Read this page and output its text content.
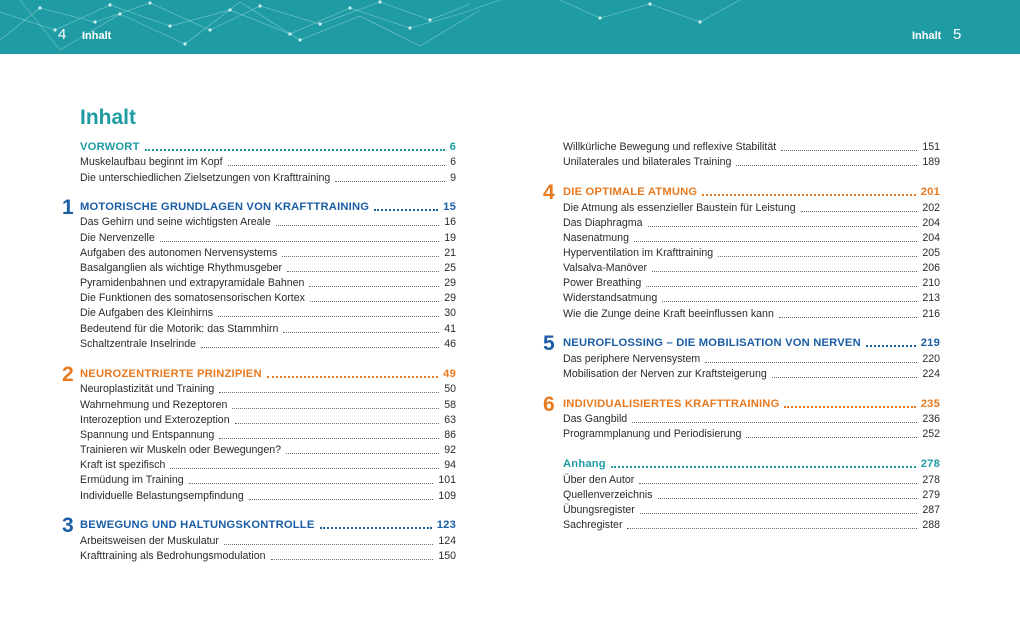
4 Inhalt	Inhalt 5
Inhalt
VORWORT	6
Muskelaufbau beginnt im Kopf	6
Die unterschiedlichen Zielsetzungen von Krafttraining	9
MOTORISCHE GRUNDLAGEN VON KRAFTTRAINING	15
1
Das Gehirn und seine wichtigsten Areale	16
Die Nervenzelle	19
Aufgaben des autonomen Nervensystems	21
Basalganglien als wichtige Rhythmusgeber	25
Pyramidenbahnen und extrapyramidale Bahnen	29
Die Funktionen des somatosensorischen Kortex	29
Die Aufgaben des Kleinhirns	30
Bedeutend für die Motorik: das Stammhirn	41
Schaltzentrale Inselrinde	46
NEUROZENTRIERTE PRINZIPIEN	49
2
Neuroplastizität und Training	50
Wahrnehmung und Rezeptoren	58
Interozeption und Exterozeption	63
Spannung und Entspannung	86
Trainieren wir Muskeln oder Bewegungen?	92
Kraft ist spezifisch	94
Ermüdung im Training	101
Individuelle Belastungsempfindung	109
BEWEGUNG UND HALTUNGSKONTROLLE	123
3
Arbeitsweisen der Muskulatur	124
Krafttraining als Bedrohungsmodulation	150
Willkürliche Bewegung und reflexive Stabilität	151
Unilaterales und bilaterales Training	189
DIE OPTIMALE ATMUNG	201
4
Die Atmung als essenzieller Baustein für Leistung	202
Das Diaphragma	204
Nasenatmung	204
Hyperventilation im Krafttraining	205
Valsalva-Manöver	206
Power Breathing	210
Widerstandsatmung	213
Wie die Zunge deine Kraft beeinflussen kann	216
NEUROFLOSSING – DIE MOBILISATION VON NERVEN	219
5
Das periphere Nervensystem	220
Mobilisation der Nerven zur Kraftsteigerung	224
INDIVIDUALISIERTES KRAFTTRAINING	235
6
Das Gangbild	236
Programmplanung und Periodisierung	252
Anhang	278
Über den Autor	278
Quellenverzeichnis	279
Übungsregister	287
Sachregister	288
